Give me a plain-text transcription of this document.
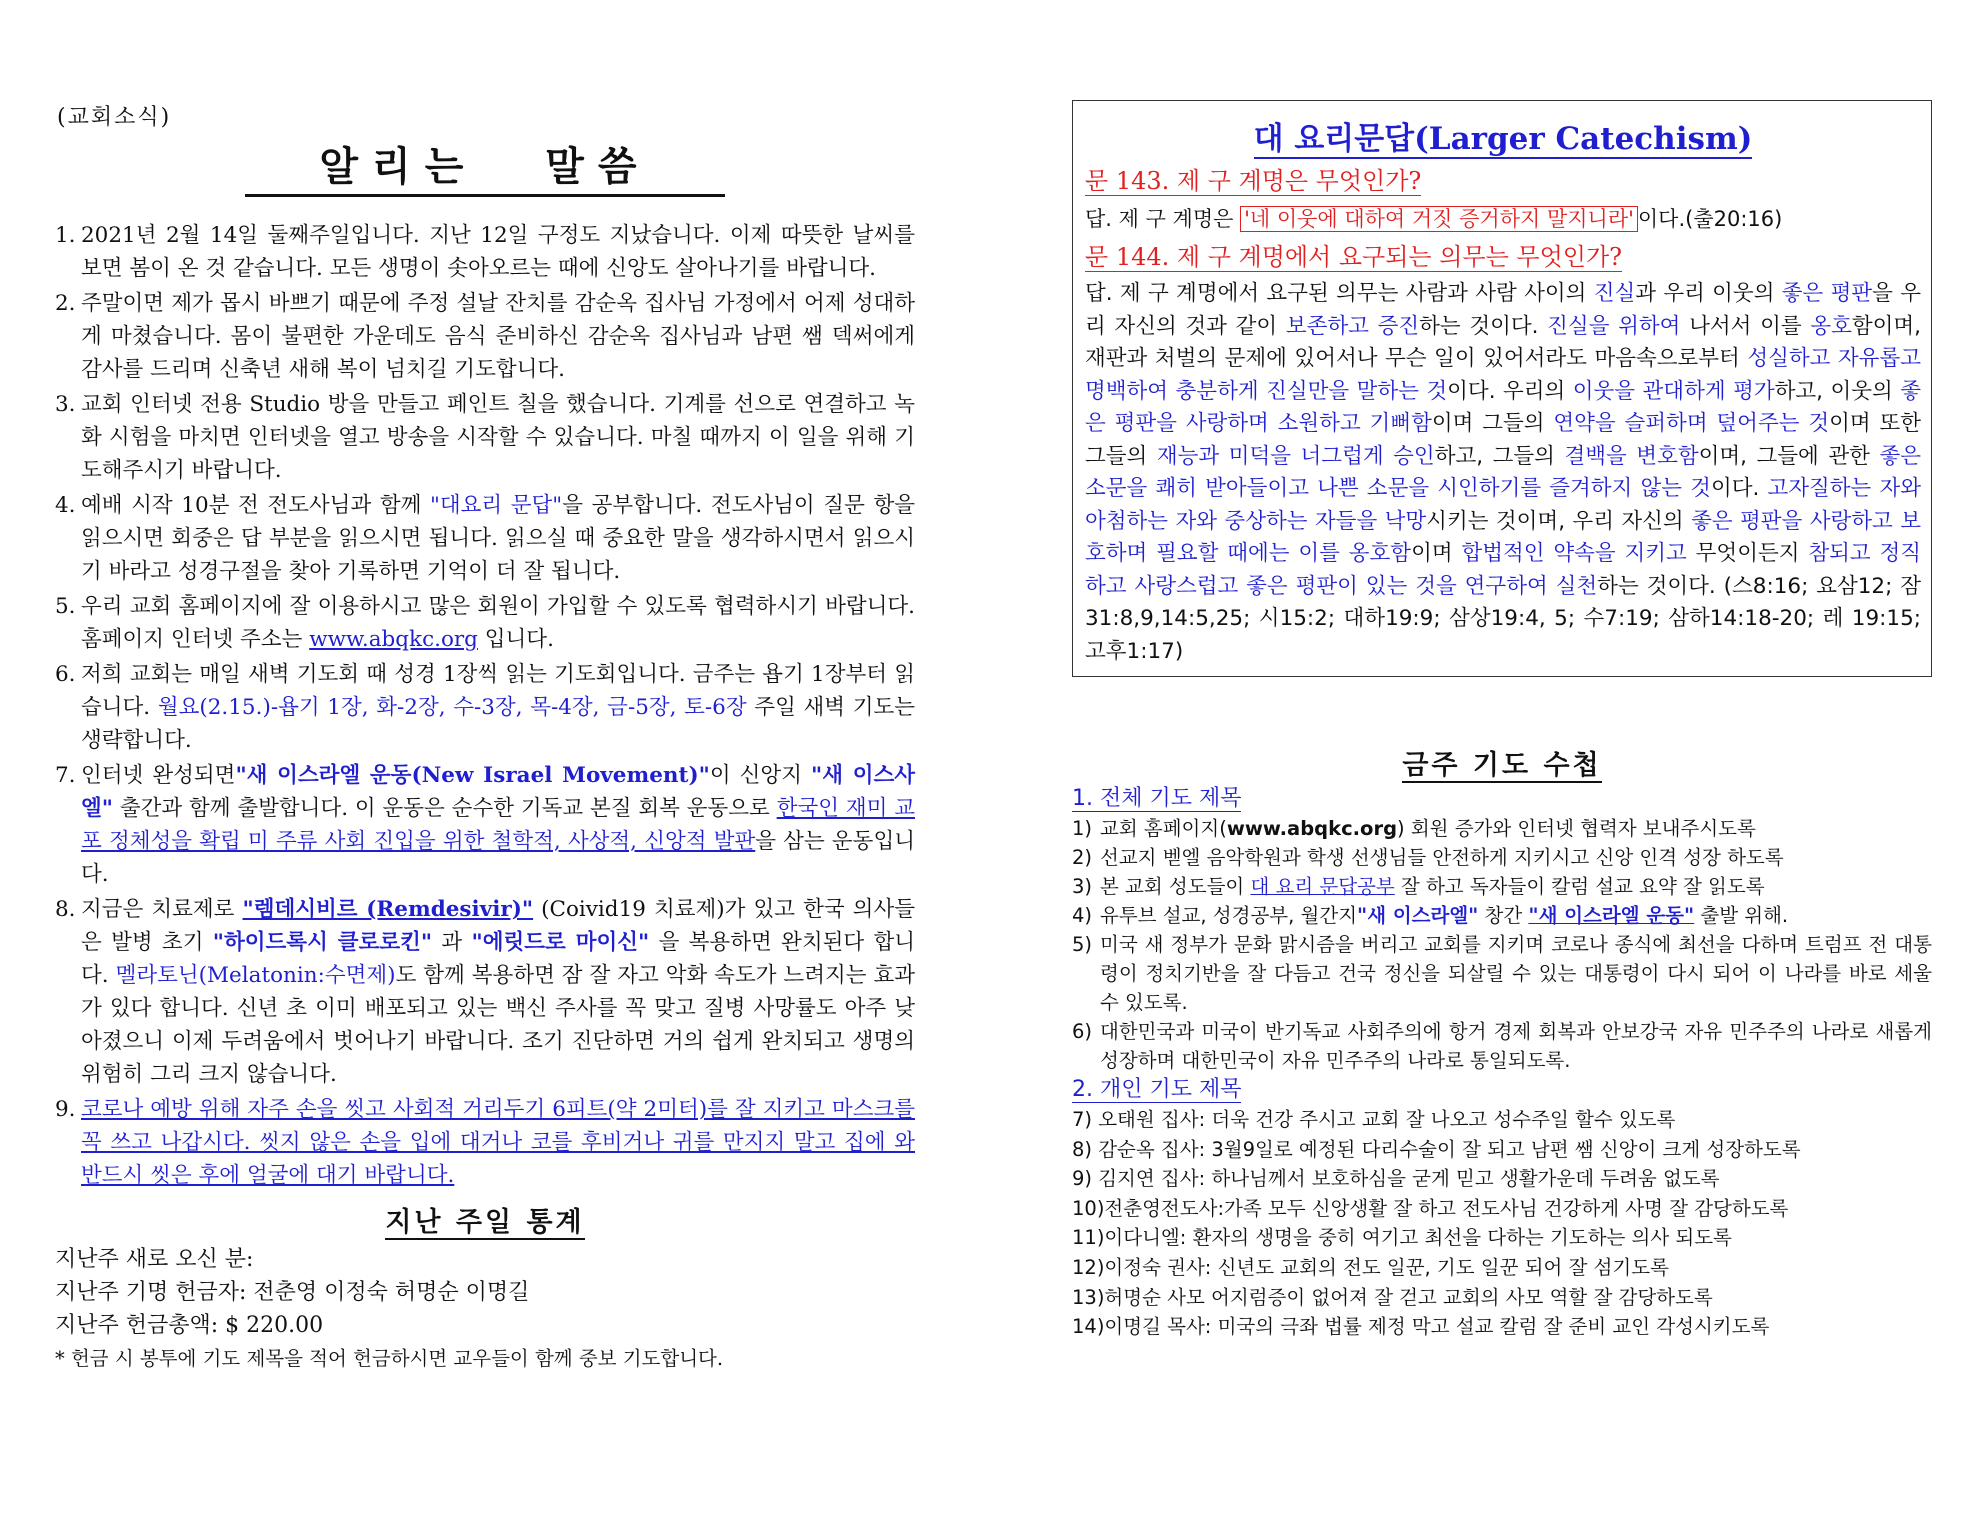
(교회소식)
알리는 말씀
1. 2021년 2월 14일 둘째주일입니다. 지난 12일 구정도 지났습니다. 이제 따뜻한 날씨를 보면 봄이 온 것 같습니다. 모든 생명이 솟아오르는 때에 신앙도 살아나기를 바랍니다.
2. 주말이면 제가 몹시 바쁘기 때문에 주정 설날 잔치를 감순옥 집사님 가정에서 어제 성대하게 마쳤습니다. 몸이 불편한 가운데도 음식 준비하신 감순옥 집사님과 남편 쌤 덱써에게 감사를 드리며 신축년 새해 복이 넘치길 기도합니다.
3. 교회 인터넷 전용 Studio 방을 만들고 페인트 칠을 했습니다. 기계를 선으로 연결하고 녹화 시험을 마치면 인터넷을 열고 방송을 시작할 수 있습니다. 마칠 때까지 이 일을 위해 기도해주시기 바랍니다.
4. 예배 시작 10분 전 전도사님과 함께 "대요리 문답"을 공부합니다. 전도사님이 질문 항을 읽으시면 회중은 답 부분을 읽으시면 됩니다. 읽으실 때 중요한 말을 생각하시면서 읽으시기 바라고 성경구절을 찾아 기록하면 기억이 더 잘 됩니다.
5. 우리 교회 홈페이지에 잘 이용하시고 많은 회원이 가입할 수 있도록 협력하시기 바랍니다. 홈페이지 인터넷 주소는 www.abqkc.org 입니다.
6. 저희 교회는 매일 새벽 기도회 때 성경 1장씩 읽는 기도회입니다. 금주는 욥기 1장부터 읽습니다. 월요(2.15.)-욥기 1장, 화-2장, 수-3장, 목-4장, 금-5장, 토-6장 주일 새벽 기도는 생략합니다.
7. 인터넷 완성되면"새 이스라엘 운동(New Israel Movement)"이 신앙지 "새 이스사엘" 출간과 함께 출발합니다. 이 운동은 순수한 기독교 본질 회복 운동으로 한국인 재미 교포 정체성을 확립 미 주류 사회 진입을 위한 철학적, 사상적, 신앙적 발판을 삼는 운동입니다.
8. 지금은 치료제로 "렘데시비르 (Remdesivir)" (Coivid19 치료제)가 있고 한국 의사들은 발병 초기 "하이드록시 클로로킨" 과 "에릿드로 마이신" 을 복용하면 완치된다 합니다. 멜라토닌(Melatonin:수면제)도 함께 복용하면 잠 잘 자고 악화 속도가 느려지는 효과가 있다 합니다. 신년 초 이미 배포되고 있는 백신 주사를 꼭 맞고 질병 사망률도 아주 낮아졌으니 이제 두려움에서 벗어나기 바랍니다. 조기 진단하면 거의 쉽게 완치되고 생명의 위험히 그리 크지 않습니다.
9. 코로나 예방 위해 자주 손을 씻고 사회적 거리두기 6피트(약 2미터)를 잘 지키고 마스크를 꼭 쓰고 나갑시다. 씻지 않은 손을 입에 대거나 코를 후비거나 귀를 만지지 말고 집에 와 반드시 씻은 후에 얼굴에 대기 바랍니다.
지난 주일 통계
지난주 새로 오신 분:
지난주 기명 헌금자: 전춘영 이정숙 허명순 이명길
지난주 헌금총액: $ 220.00
* 헌금 시 봉투에 기도 제목을 적어 헌금하시면 교우들이 함께 중보 기도합니다.
대 요리문답(Larger Catechism)
문 143. 제 구 계명은 무엇인가?
답. 제 구 계명은 '네 이웃에 대하여 거짓 증거하지 말지니라' 이다.(출20:16)
문 144. 제 구 계명에서 요구되는 의무는 무엇인가?
답. 제 구 계명에서 요구된 의무는 사람과 사람 사이의 진실과 우리 이웃의 좋은 평판을 우리 자신의 것과 같이 보존하고 증진하는 것이다. 진실을 위하여 나서서 이를 옹호함이며, 재판과 처벌의 문제에 있어서나 무슨 일이 있어서라도 마음속으로부터 성실하고 자유롭고 명백하여 충분하게 진실만을 말하는 것이다. 우리의 이웃을 관대하게 평가하고, 이웃의 좋은 평판을 사랑하며 소원하고 기뻐함이며 그들의 연약을 슬퍼하며 덮어주는 것이며 또한 그들의 재능과 미덕을 너그럽게 승인하고, 그들의 결백을 변호함이며, 그들에 관한 좋은 소문을 쾌히 받아들이고 나쁜 소문을 시인하기를 즐겨하지 않는 것이다. 고자질하는 자와 아첨하는 자와 중상하는 자들을 낙망시키는 것이며, 우리 자신의 좋은 평판을 사랑하고 보호하며 필요할 때에는 이를 옹호함이며 합법적인 약속을 지키고 무엇이든지 참되고 정직하고 사랑스럽고 좋은 평판이 있는 것을 연구하여 실천하는 것이다. (스8:16; 요삼12; 잠31:8,9,14:5,25; 시15:2; 대하19:9; 삼상19:4, 5; 수7:19; 삼하14:18-20; 레 19:15; 고후1:17)
금주 기도 수첩
1. 전체 기도 제목
1) 교회 홈페이지(www.abqkc.org) 회원 증가와 인터넷 협력자 보내주시도록
2) 선교지 벧엘 음악학원과 학생 선생님들 안전하게 지키시고 신앙 인격 성장 하도록
3) 본 교회 성도들이 대 요리 문답공부 잘 하고 독자들이 칼럼 설교 요약 잘 읽도록
4) 유투브 설교, 성경공부, 월간지"새 이스라엘" 창간 "새 이스라엘 운동" 출발 위해.
5) 미국 새 정부가 문화 맑시즘을 버리고 교회를 지키며 코로나 종식에 최선을 다하며 트럼프 전 대통령이 정치기반을 잘 다듬고 건국 정신을 되살릴 수 있는 대통령이 다시 되어 이 나라를 바로 세울 수 있도록.
6) 대한민국과 미국이 반기독교 사회주의에 항거 경제 회복과 안보강국 자유 민주주의 나라로 새롭게 성장하며 대한민국이 자유 민주주의 나라로 통일되도록.
2. 개인 기도 제목
7) 오태원 집사: 더욱 건강 주시고 교회 잘 나오고 성수주일 할수 있도록
8) 감순옥 집사: 3월9일로 예정된 다리수술이 잘 되고 남편 쌤 신앙이 크게 성장하도록
9) 김지연 집사: 하나님께서 보호하심을 굳게 믿고 생활가운데 두려움 없도록
10)전춘영전도사:가족 모두 신앙생활 잘 하고 전도사님 건강하게 사명 잘 감당하도록
11)이다니엘: 환자의 생명을 중히 여기고 최선을 다하는 기도하는 의사 되도록
12)이정숙 권사: 신년도 교회의 전도 일꾼, 기도 일꾼 되어 잘 섬기도록
13)허명순 사모 어지럼증이 없어져 잘 걷고 교회의 사모 역할 잘 감당하도록
14)이명길 목사: 미국의 극좌 법률 제정 막고 설교 칼럼 잘 준비 교인 각성시키도록
